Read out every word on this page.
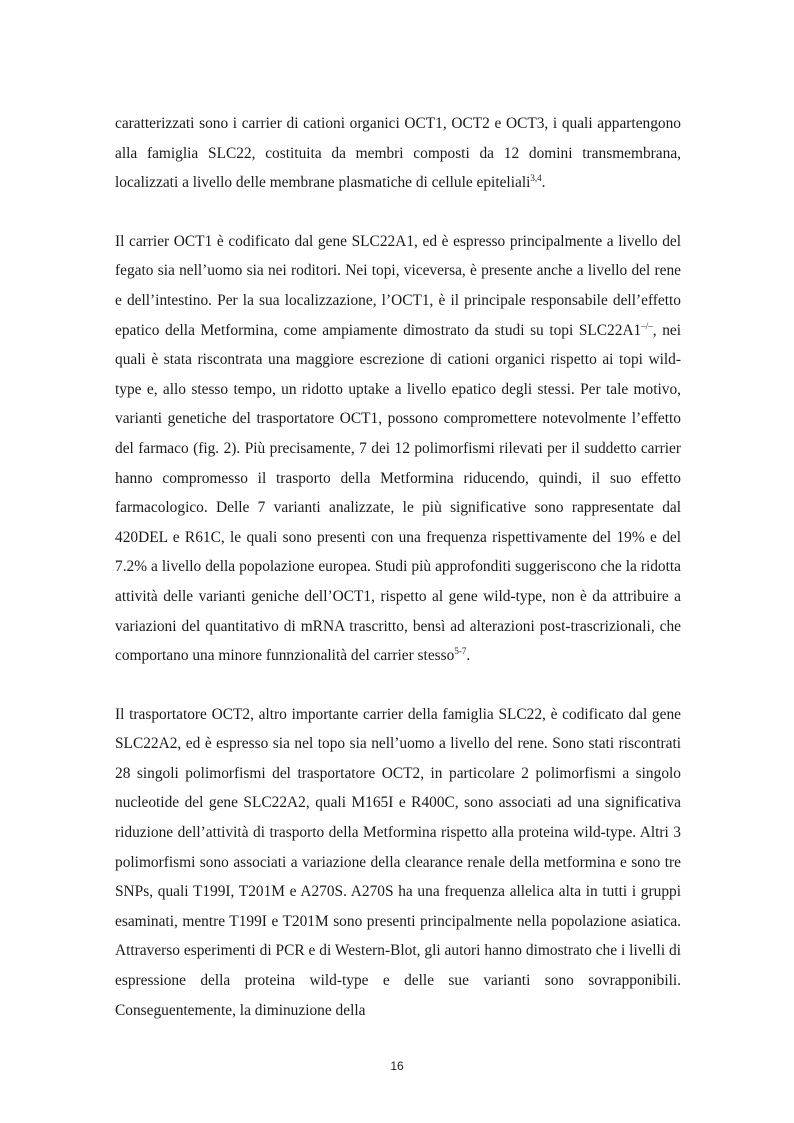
caratterizzati sono i carrier di cationi organici OCT1, OCT2 e OCT3, i quali appartengono alla famiglia SLC22, costituita da membri composti da 12 domini transmembrana, localizzati a livello delle membrane plasmatiche di cellule epiteliali$^{3,4}$.

Il carrier OCT1 è codificato dal gene SLC22A1, ed è espresso principalmente a livello del fegato sia nell’uomo sia nei roditori. Nei topi, viceversa, è presente anche a livello del rene e dell’intestino. Per la sua localizzazione, l’OCT1, è il principale responsabile dell’effetto epatico della Metformina, come ampiamente dimostrato da studi su topi SLC22A1–/–, nei quali è stata riscontrata una maggiore escrezione di cationi organici rispetto ai topi wild-type e, allo stesso tempo, un ridotto uptake a livello epatico degli stessi. Per tale motivo, varianti genetiche del trasportatore OCT1, possono compromettere notevolmente l’effetto del farmaco (fig. 2). Più precisamente, 7 dei 12 polimorfismi rilevati per il suddetto carrier hanno compromesso il trasporto della Metformina riducendo, quindi, il suo effetto farmacologico. Delle 7 varianti analizzate, le più significative sono rappresentate dal 420DEL e R61C, le quali sono presenti con una frequenza rispettivamente del 19% e del 7.2% a livello della popolazione europea. Studi più approfonditi suggeriscono che la ridotta attività delle varianti geniche dell’OCT1, rispetto al gene wild-type, non è da attribuire a variazioni del quantitativo di mRNA trascritto, bensì ad alterazioni post-trascrizionali, che comportano una minore funnzionalità del carrier stesso$^{5-7}$.

Il trasportatore OCT2, altro importante carrier della famiglia SLC22, è codificato dal gene SLC22A2, ed è espresso sia nel topo sia nell’uomo a livello del rene. Sono stati riscontrati 28 singoli polimorfismi del trasportatore OCT2, in particolare 2 polimorfismi a singolo nucleotide del gene SLC22A2, quali M165I e R400C, sono associati ad una significativa riduzione dell’attività di trasporto della Metformina rispetto alla proteina wild-type. Altri 3 polimorfismi sono associati a variazione della clearance renale della metformina e sono tre SNPs, quali T199I, T201M e A270S. A270S ha una frequenza allelica alta in tutti i gruppi esaminati, mentre T199I e T201M sono presenti principalmente nella popolazione asiatica. Attraverso esperimenti di PCR e di Western-Blot, gli autori hanno dimostrato che i livelli di espressione della proteina wild-type e delle sue varianti sono sovrapponibili. Conseguentemente, la diminuzione della

16
